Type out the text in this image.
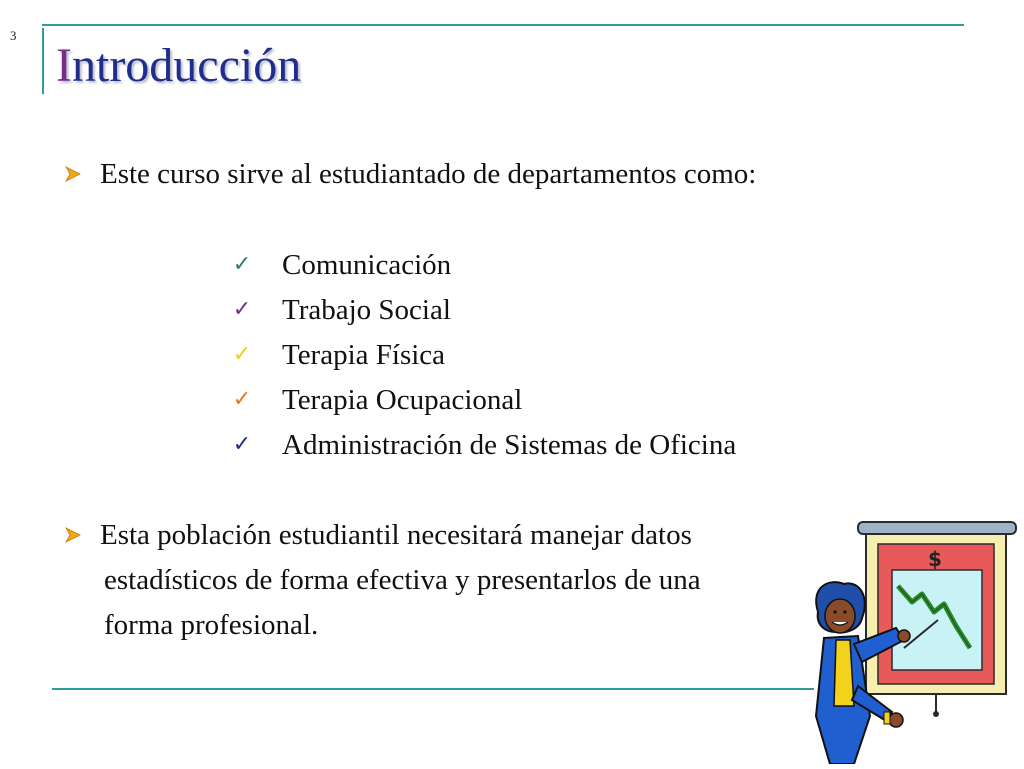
3
Introducción
Este curso sirve al estudiantado de departamentos como:
✓ Comunicación
✓ Trabajo Social
✓ Terapia Física
✓ Terapia Ocupacional
✓ Administración de Sistemas de Oficina
Esta población estudiantil necesitará manejar datos
estadísticos de forma efectiva y presentarlos de una
forma profesional.
$
